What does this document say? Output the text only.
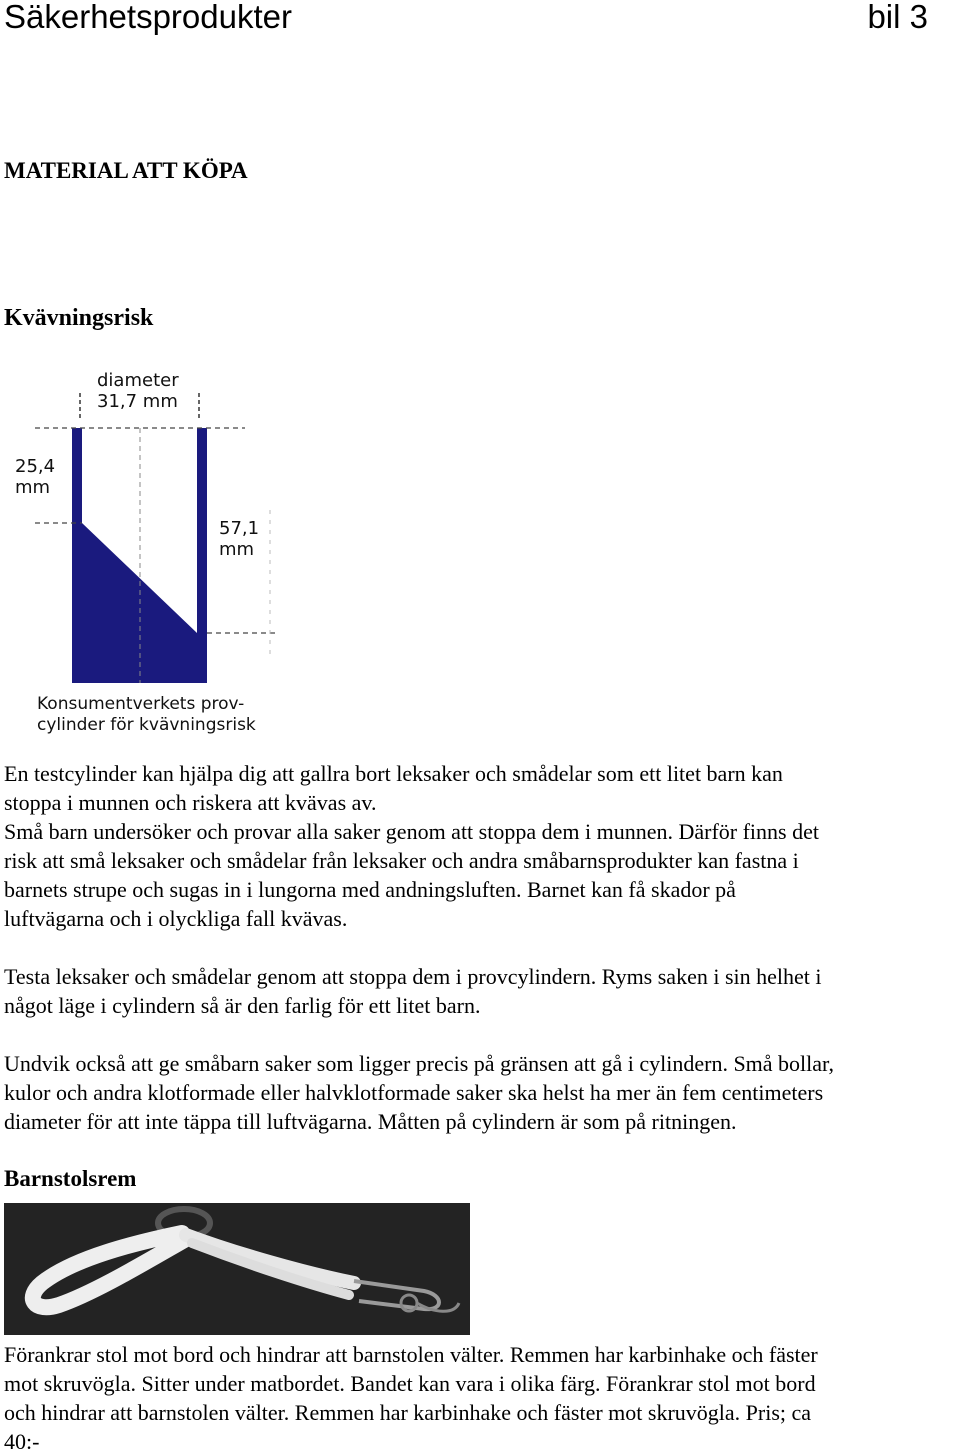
Säkerhetsprodukter	bil 3
MATERIAL ATT KÖPA
Kvävningsrisk
diameter
31,7 mm
25,4
mm
57,1
mm
Konsumentverkets prov-
cylinder för kvävningsrisk
En testcylinder kan hjälpa dig att gallra bort leksaker och smådelar som ett litet barn kan
stoppa i munnen och riskera att kvävas av.
Små barn undersöker och provar alla saker genom att stoppa dem i munnen. Därför finns det
risk att små leksaker och smådelar från leksaker och andra småbarnsprodukter kan fastna i
barnets strupe och sugas in i lungorna med andningsluften. Barnet kan få skador på
luftvägarna och i olyckliga fall kvävas.
Testa leksaker och smådelar genom att stoppa dem i provcylindern. Ryms saken i sin helhet i
något läge i cylindern så är den farlig för ett litet barn.
Undvik också att ge småbarn saker som ligger precis på gränsen att gå i cylindern. Små bollar,
kulor och andra klotformade eller halvklotformade saker ska helst ha mer än fem centimeters
diameter för att inte täppa till luftvägarna. Måtten på cylindern är som på ritningen.
Barnstolsrem
Förankrar stol mot bord och hindrar att barnstolen välter. Remmen har karbinhake och fäster
mot skruvögla. Sitter under matbordet. Bandet kan vara i olika färg. Förankrar stol mot bord
och hindrar att barnstolen välter. Remmen har karbinhake och fäster mot skruvögla. Pris; ca
40:-
